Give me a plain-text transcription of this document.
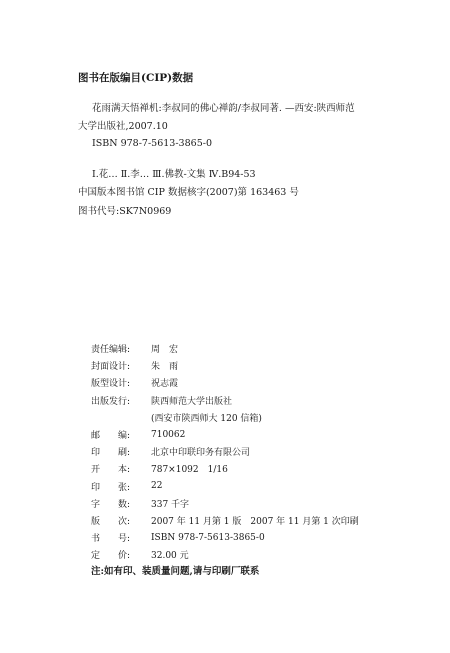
图书在版编目(CIP)数据
花雨满天悟禅机:李叔同的佛心禅韵/李叔同著. —西安:陕西师范
大学出版社,2007.10
ISBN 978-7-5613-3865-0
Ⅰ.花… Ⅱ.李… Ⅲ.佛教-文集 Ⅳ.B94-53
中国版本图书馆 CIP 数据核字(2007)第 163463 号
图书代号:SK7N0969
责任编辑:	周　宏
封面设计:	朱　雨
版型设计:	祝志霞
出版发行:	陕西师范大学出版社
(西安市陕西师大 120 信箱)
邮　　编:	710062
印　　刷:	北京中印联印务有限公司
开　　本:	787×1092　1/16
印　　张:	22
字　　数:	337 千字
版　　次:	2007 年 11 月第 1 版　2007 年 11 月第 1 次印刷
书　　号:	ISBN 978-7-5613-3865-0
定　　价:	32.00 元
注:如有印、装质量问题,请与印刷厂联系
